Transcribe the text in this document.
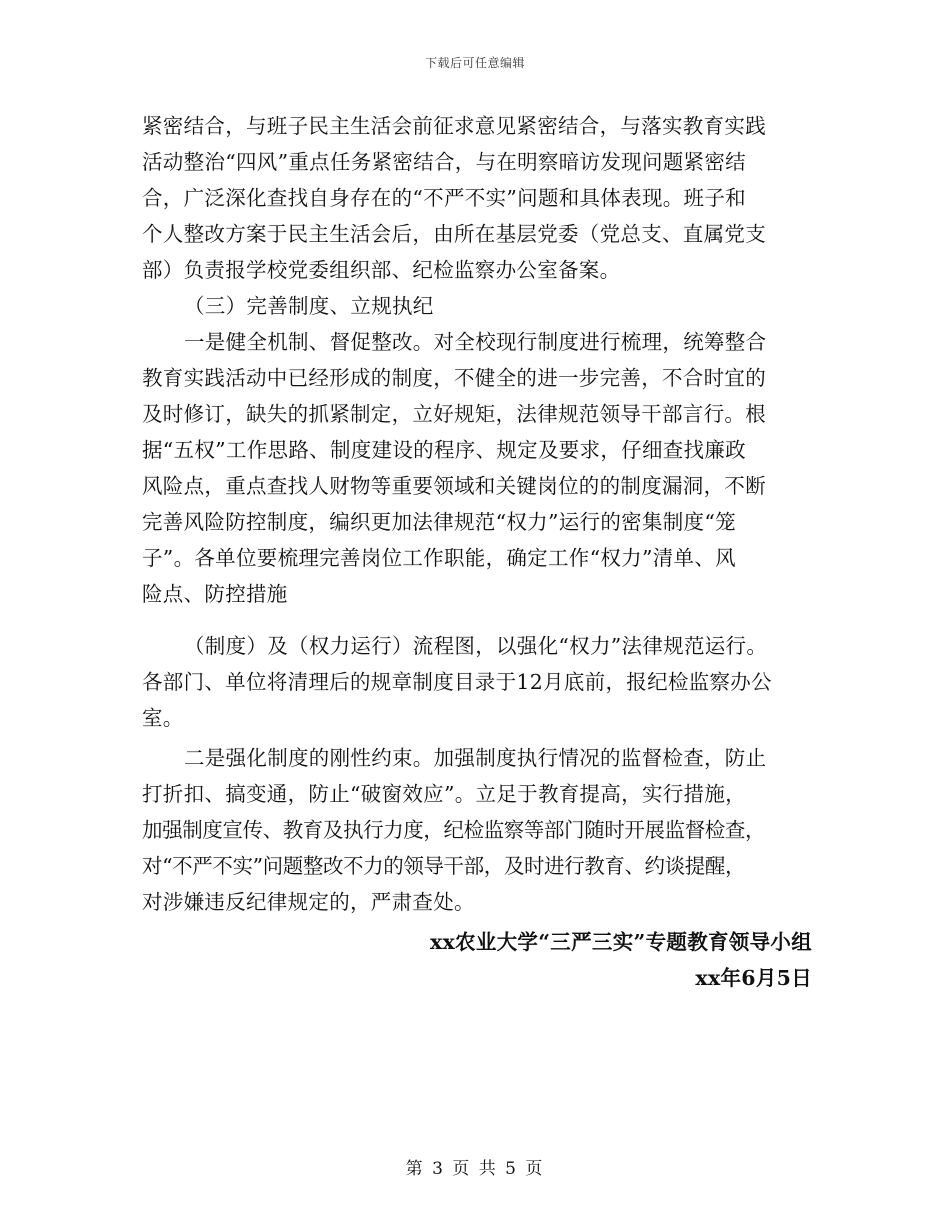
下载后可任意编辑
紧密结合，与班子民主生活会前征求意见紧密结合，与落实教育实践
活动整治“四风”重点任务紧密结合，与在明察暗访发现问题紧密结
合，广泛深化查找自身存在的“不严不实”问题和具体表现。班子和
个人整改方案于民主生活会后，由所在基层党委（党总支、直属党支
部）负责报学校党委组织部、纪检监察办公室备案。
（三）完善制度、立规执纪
一是健全机制、督促整改。对全校现行制度进行梳理，统筹整合
教育实践活动中已经形成的制度，不健全的进一步完善，不合时宜的
及时修订，缺失的抓紧制定，立好规矩，法律规范领导干部言行。根
据“五权”工作思路、制度建设的程序、规定及要求，仔细查找廉政
风险点，重点查找人财物等重要领域和关键岗位的的制度漏洞，不断
完善风险防控制度，编织更加法律规范“权力”运行的密集制度“笼
子”。各单位要梳理完善岗位工作职能，确定工作“权力”清单、风
险点、防控措施
（制度）及（权力运行）流程图，以强化“权力”法律规范运行。
各部门、单位将清理后的规章制度目录于12月底前，报纪检监察办公
室。
二是强化制度的刚性约束。加强制度执行情况的监督检查，防止
打折扣、搞变通，防止“破窗效应”。立足于教育提高，实行措施，
加强制度宣传、教育及执行力度，纪检监察等部门随时开展监督检查，
对“不严不实”问题整改不力的领导干部，及时进行教育、约谈提醒，
对涉嫌违反纪律规定的，严肃查处。
xx农业大学“三严三实”专题教育领导小组
xx年6月5日
第 3 页 共 5 页
